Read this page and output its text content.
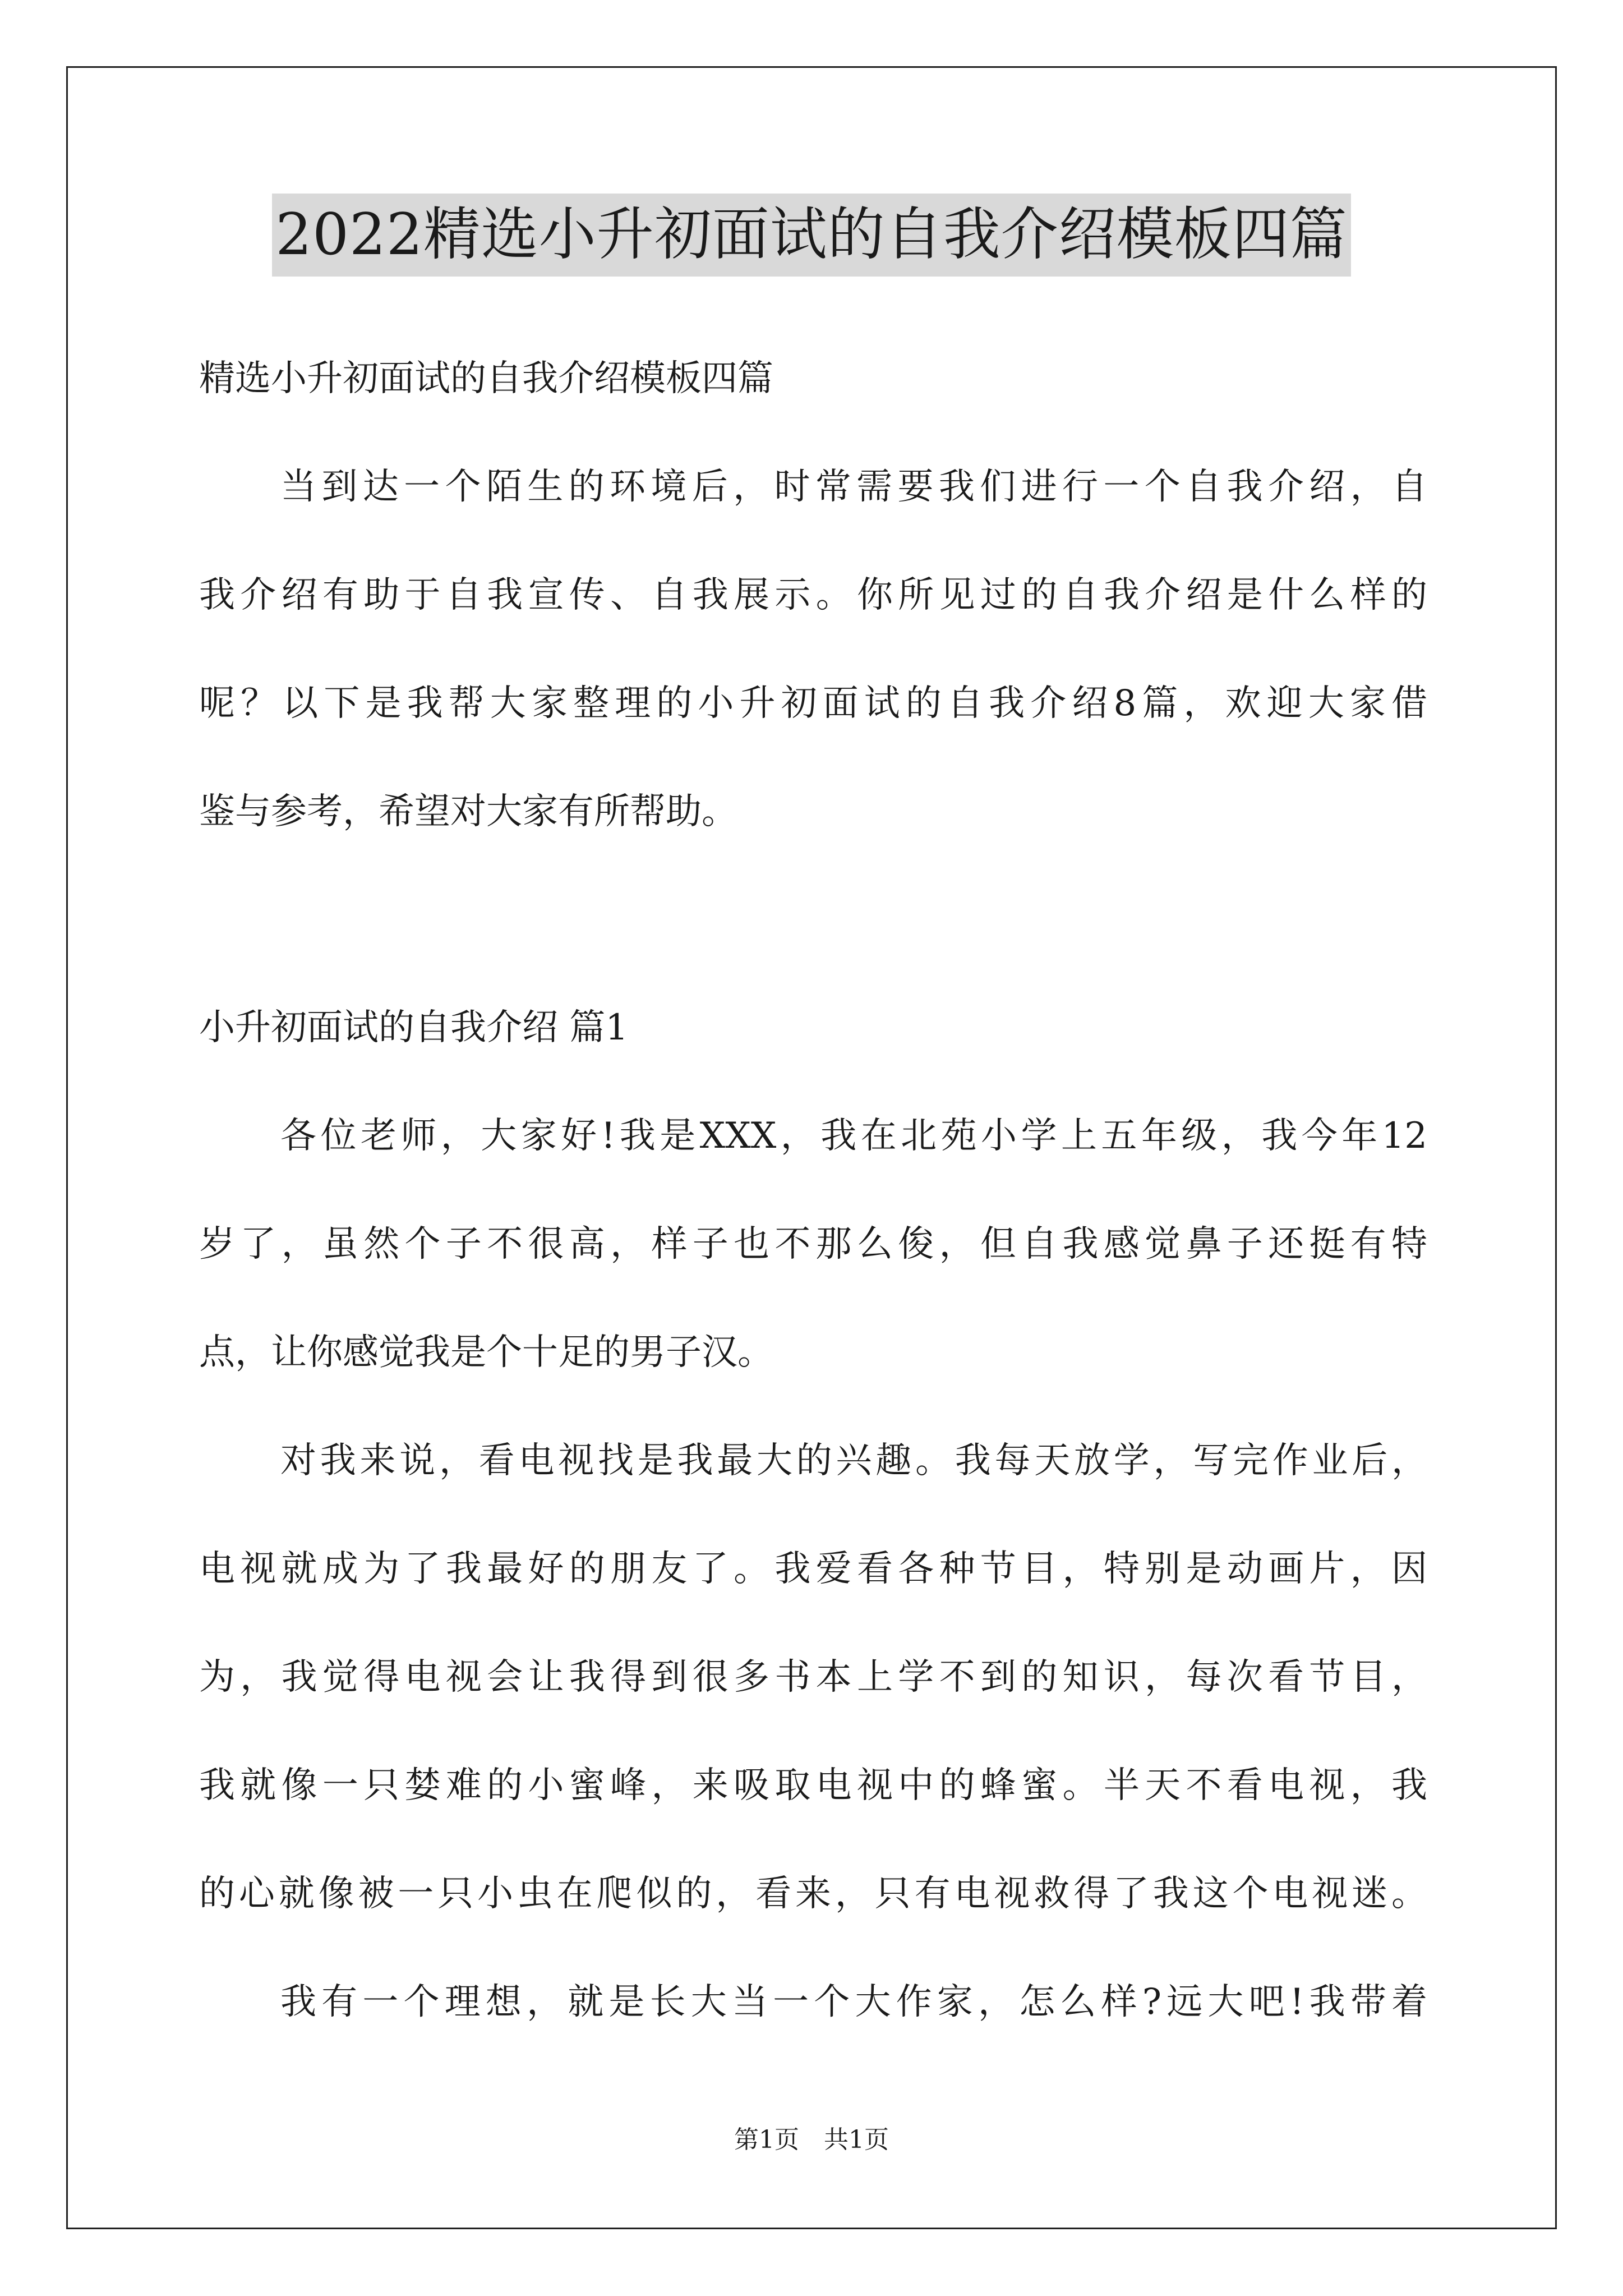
2022精选小升初面试的自我介绍模板四篇
精选小升初面试的自我介绍模板四篇
当到达一个陌生的环境后，时常需要我们进行一个自我介绍，自
我介绍有助于自我宣传、自我展示。你所见过的自我介绍是什么样的
呢？以下是我帮大家整理的小升初面试的自我介绍8篇，欢迎大家借
鉴与参考，希望对大家有所帮助。
小升初面试的自我介绍 篇1
各位老师，大家好!我是XXX，我在北苑小学上五年级，我今年12
岁了，虽然个子不很高，样子也不那么俊，但自我感觉鼻子还挺有特
点，让你感觉我是个十足的男子汉。
对我来说，看电视找是我最大的兴趣。我每天放学，写完作业后，
电视就成为了我最好的朋友了。我爱看各种节目，特别是动画片，因
为，我觉得电视会让我得到很多书本上学不到的知识，每次看节目，
我就像一只婪难的小蜜峰，来吸取电视中的蜂蜜。半天不看电视，我
的心就像被一只小虫在爬似的，看来，只有电视救得了我这个电视迷。
我有一个理想，就是长大当一个大作家，怎么样?远大吧!我带着
第1页　共1页
